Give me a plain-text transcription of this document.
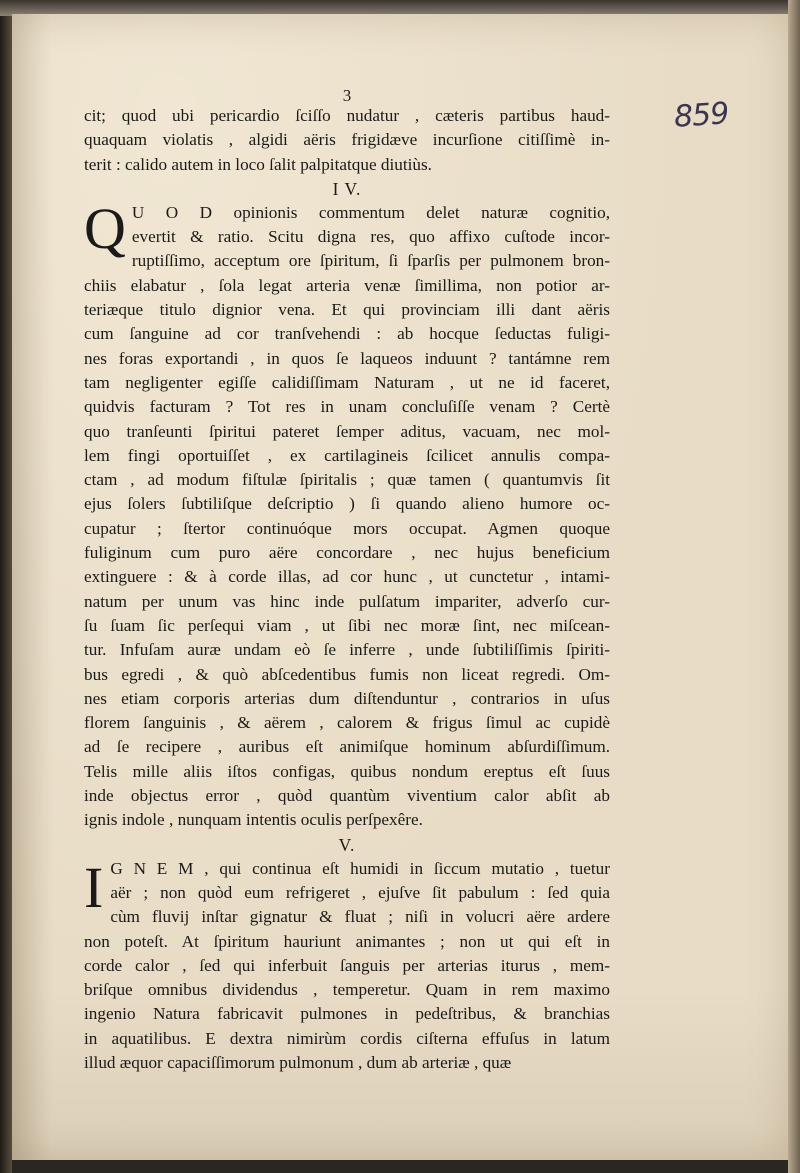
859
3
cit; quod ubi pericardio ſciſſo nudatur , cæteris partibus haud-
quaquam violatis , algidi aëris frigidæve incurſione citiſſimè in-
terit : calido autem in loco ſalit palpitatque diutiùs.
I V.
Q U O D opinionis commentum delet naturæ cognitio,
evertit & ratio. Scitu digna res, quo affixo cuſtode incor-
ruptiſſimo, acceptum ore ſpiritum, ſi ſparſis per pulmonem bron-
chiis elabatur , ſola legat arteria venæ ſimillima, non potior ar-
teriæque titulo dignior vena. Et qui provinciam illi dant aëris
cum ſanguine ad cor tranſvehendi : ab hocque ſeductas fuligi-
nes foras exportandi , in quos ſe laqueos induunt ? tantámne rem
tam negligenter egiſſe calidiſſimam Naturam , ut ne id faceret,
quidvis facturam ? Tot res in unam concluſiſſe venam ? Certè
quo tranſeunti ſpiritui pateret ſemper aditus, vacuam, nec mol-
lem fingi oportuiſſet , ex cartilagineis ſcilicet annulis compa-
ctam , ad modum fiſtulæ ſpiritalis ; quæ tamen ( quantumvis ſit
ejus ſolers ſubtiliſque deſcriptio ) ſi quando alieno humore oc-
cupatur ; ſtertor continuóque mors occupat. Agmen quoque
fuliginum cum puro aëre concordare , nec hujus beneficium
extinguere : & à corde illas, ad cor hunc , ut cunctetur , intami-
natum per unum vas hinc inde pulſatum impariter, adverſo cur-
ſu ſuam ſic perſequi viam , ut ſibi nec moræ ſint, nec miſcean-
tur. Infuſam auræ undam eò ſe inferre , unde ſubtiliſſimis ſpiriti-
bus egredi , & quò abſcedentibus fumis non liceat regredi. Om-
nes etiam corporis arterias dum diſtenduntur , contrarios in uſus
florem ſanguinis , & aërem , calorem & frigus ſimul ac cupidè
ad ſe recipere , auribus eſt animiſque hominum abſurdiſſimum.
Telis mille aliis iſtos configas, quibus nondum ereptus eſt ſuus
inde objectus error , quòd quantùm viventium calor abſit ab
ignis indole , nunquam intentis oculis perſpexêre.
V.
I G N E M , qui continua eſt humidi in ſiccum mutatio , tuetur
aër ; non quòd eum refrigeret , ejuſve ſit pabulum : ſed quia
cùm fluvij inſtar gignatur & fluat ; niſi in volucri aëre ardere
non poteſt. At ſpiritum hauriunt animantes ; non ut qui eſt in
corde calor , ſed qui inferbuit ſanguis per arterias iturus , mem-
briſque omnibus dividendus , temperetur. Quam in rem maximo
ingenio Natura fabricavit pulmones in pedeſtribus, & branchias
in aquatilibus. E dextra nimirùm cordis ciſterna effuſus in latum
illud æquor capaciſſimorum pulmonum , dum ab arteriæ , quæ
